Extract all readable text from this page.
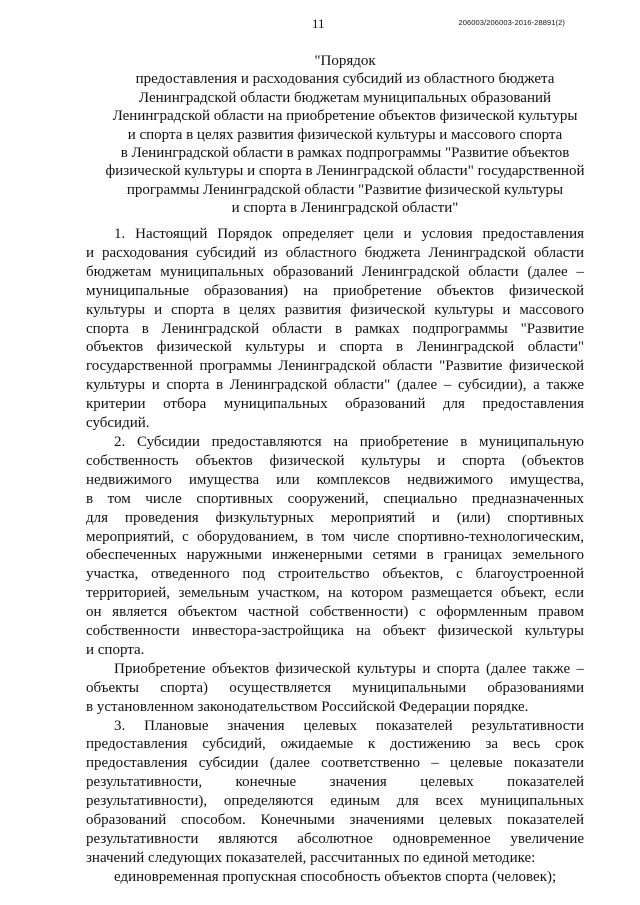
11	206003/206003-2016-28891(2)
"Порядок
предоставления и расходования субсидий из областного бюджета
Ленинградской области бюджетам муниципальных образований
Ленинградской области на приобретение объектов физической культуры
и спорта в целях развития физической культуры и массового спорта
в Ленинградской области в рамках подпрограммы "Развитие объектов
физической культуры и спорта в Ленинградской области" государственной
программы Ленинградской области "Развитие физической культуры
и спорта в Ленинградской области"
1. Настоящий Порядок определяет цели и условия предоставления
и расходования субсидий из областного бюджета Ленинградской области
бюджетам муниципальных образований Ленинградской области (далее –
муниципальные образования) на приобретение объектов физической
культуры и спорта в целях развития физической культуры и массового
спорта в Ленинградской области в рамках подпрограммы "Развитие
объектов физической культуры и спорта в Ленинградской области"
государственной программы Ленинградской области "Развитие физической
культуры и спорта в Ленинградской области" (далее – субсидии), а также
критерии отбора муниципальных образований для предоставления
субсидий.
2. Субсидии предоставляются на приобретение в муниципальную
собственность объектов физической культуры и спорта (объектов
недвижимого имущества или комплексов недвижимого имущества,
в том числе спортивных сооружений, специально предназначенных
для проведения физкультурных мероприятий и (или) спортивных
мероприятий, с оборудованием, в том числе спортивно-технологическим,
обеспеченных наружными инженерными сетями в границах земельного
участка, отведенного под строительство объектов, с благоустроенной
территорией, земельным участком, на котором размещается объект, если
он является объектом частной собственности) с оформленным правом
собственности инвестора-застройщика на объект физической культуры
и спорта.
Приобретение объектов физической культуры и спорта (далее также –
объекты спорта) осуществляется муниципальными образованиями
в установленном законодательством Российской Федерации порядке.
3. Плановые значения целевых показателей результативности
предоставления субсидий, ожидаемые к достижению за весь срок
предоставления субсидии (далее соответственно – целевые показатели
результативности, конечные значения целевых показателей
результативности), определяются единым для всех муниципальных
образований способом. Конечными значениями целевых показателей
результативности являются абсолютное одновременное увеличение
значений следующих показателей, рассчитанных по единой методике:
единовременная пропускная способность объектов спорта (человек);
